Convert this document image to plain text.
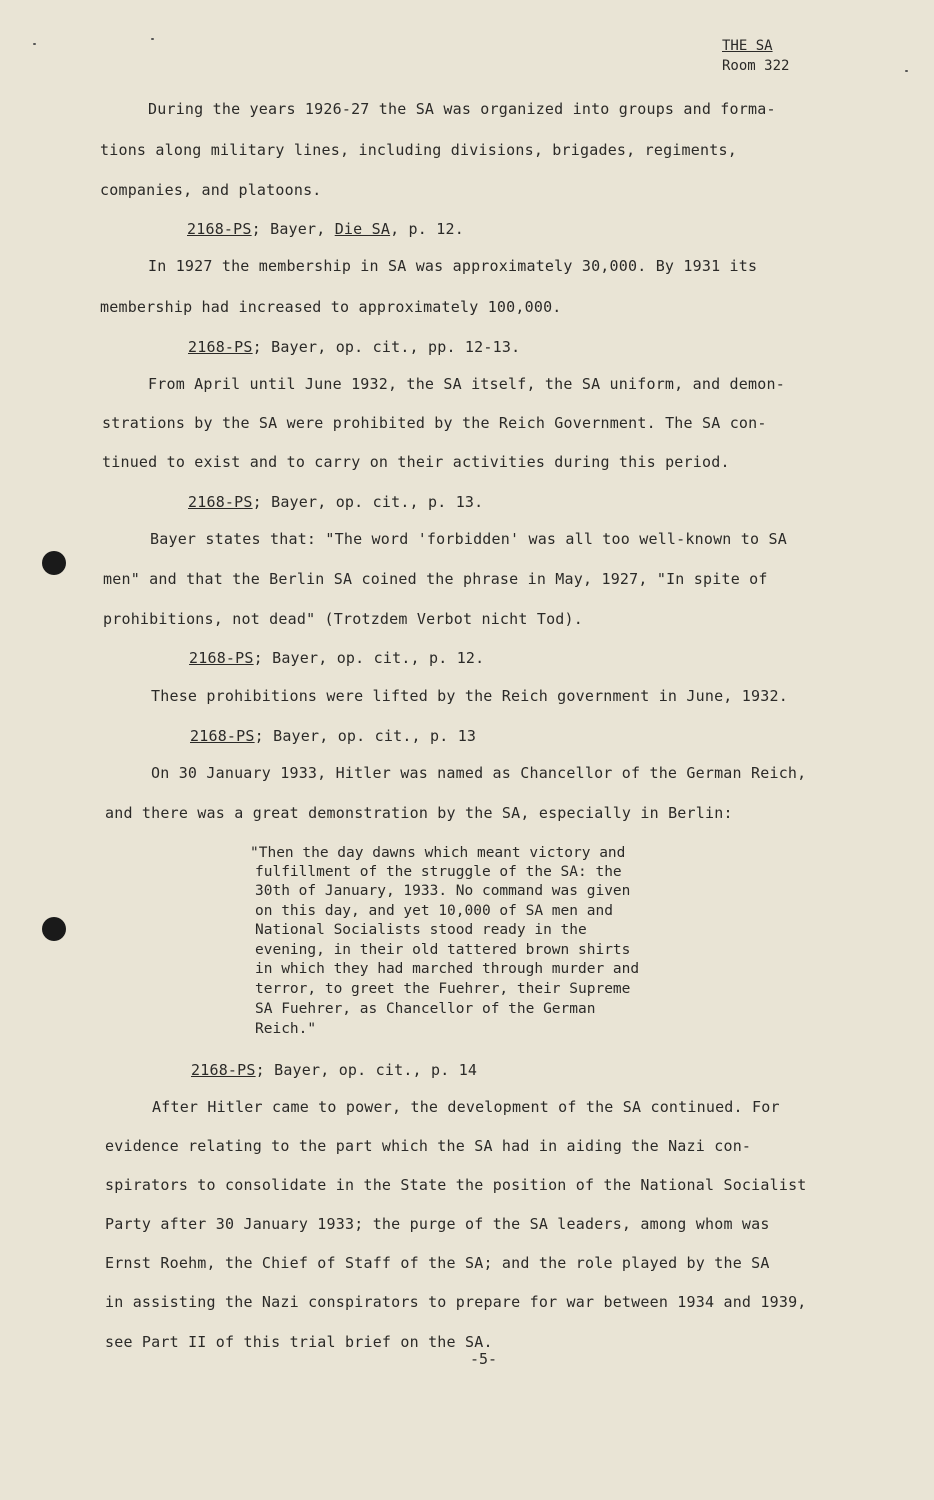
THE SA
Room 322
During the years 1926-27 the SA was organized into groups and forma-
tions along military lines, including divisions, brigades, regiments,
companies, and platoons.
2168-PS; Bayer, Die SA, p. 12.
In 1927 the membership in SA was approximately 30,000. By 1931 its
membership had increased to approximately 100,000.
2168-PS; Bayer, op. cit., pp. 12-13.
From April until June 1932, the SA itself, the SA uniform, and demon-
strations by the SA were prohibited by the Reich Government. The SA con-
tinued to exist and to carry on their activities during this period.
2168-PS; Bayer, op. cit., p. 13.
Bayer states that: "The word 'forbidden' was all too well-known to SA
men" and that the Berlin SA coined the phrase in May, 1927, "In spite of
prohibitions, not dead" (Trotzdem Verbot nicht Tod).
2168-PS; Bayer, op. cit., p. 12.
These prohibitions were lifted by the Reich government in June, 1932.
2168-PS; Bayer, op. cit., p. 13
On 30 January 1933, Hitler was named as Chancellor of the German Reich,
and there was a great demonstration by the SA, especially in Berlin:
"Then the day dawns which meant victory and
fulfillment of the struggle of the SA: the
30th of January, 1933. No command was given
on this day, and yet 10,000 of SA men and
National Socialists stood ready in the
evening, in their old tattered brown shirts
in which they had marched through murder and
terror, to greet the Fuehrer, their Supreme
SA Fuehrer, as Chancellor of the German
Reich."
2168-PS; Bayer, op. cit., p. 14
After Hitler came to power, the development of the SA continued. For
evidence relating to the part which the SA had in aiding the Nazi con-
spirators to consolidate in the State the position of the National Socialist
Party after 30 January 1933; the purge of the SA leaders, among whom was
Ernst Roehm, the Chief of Staff of the SA; and the role played by the SA
in assisting the Nazi conspirators to prepare for war between 1934 and 1939,
see Part II of this trial brief on the SA.
-5-
